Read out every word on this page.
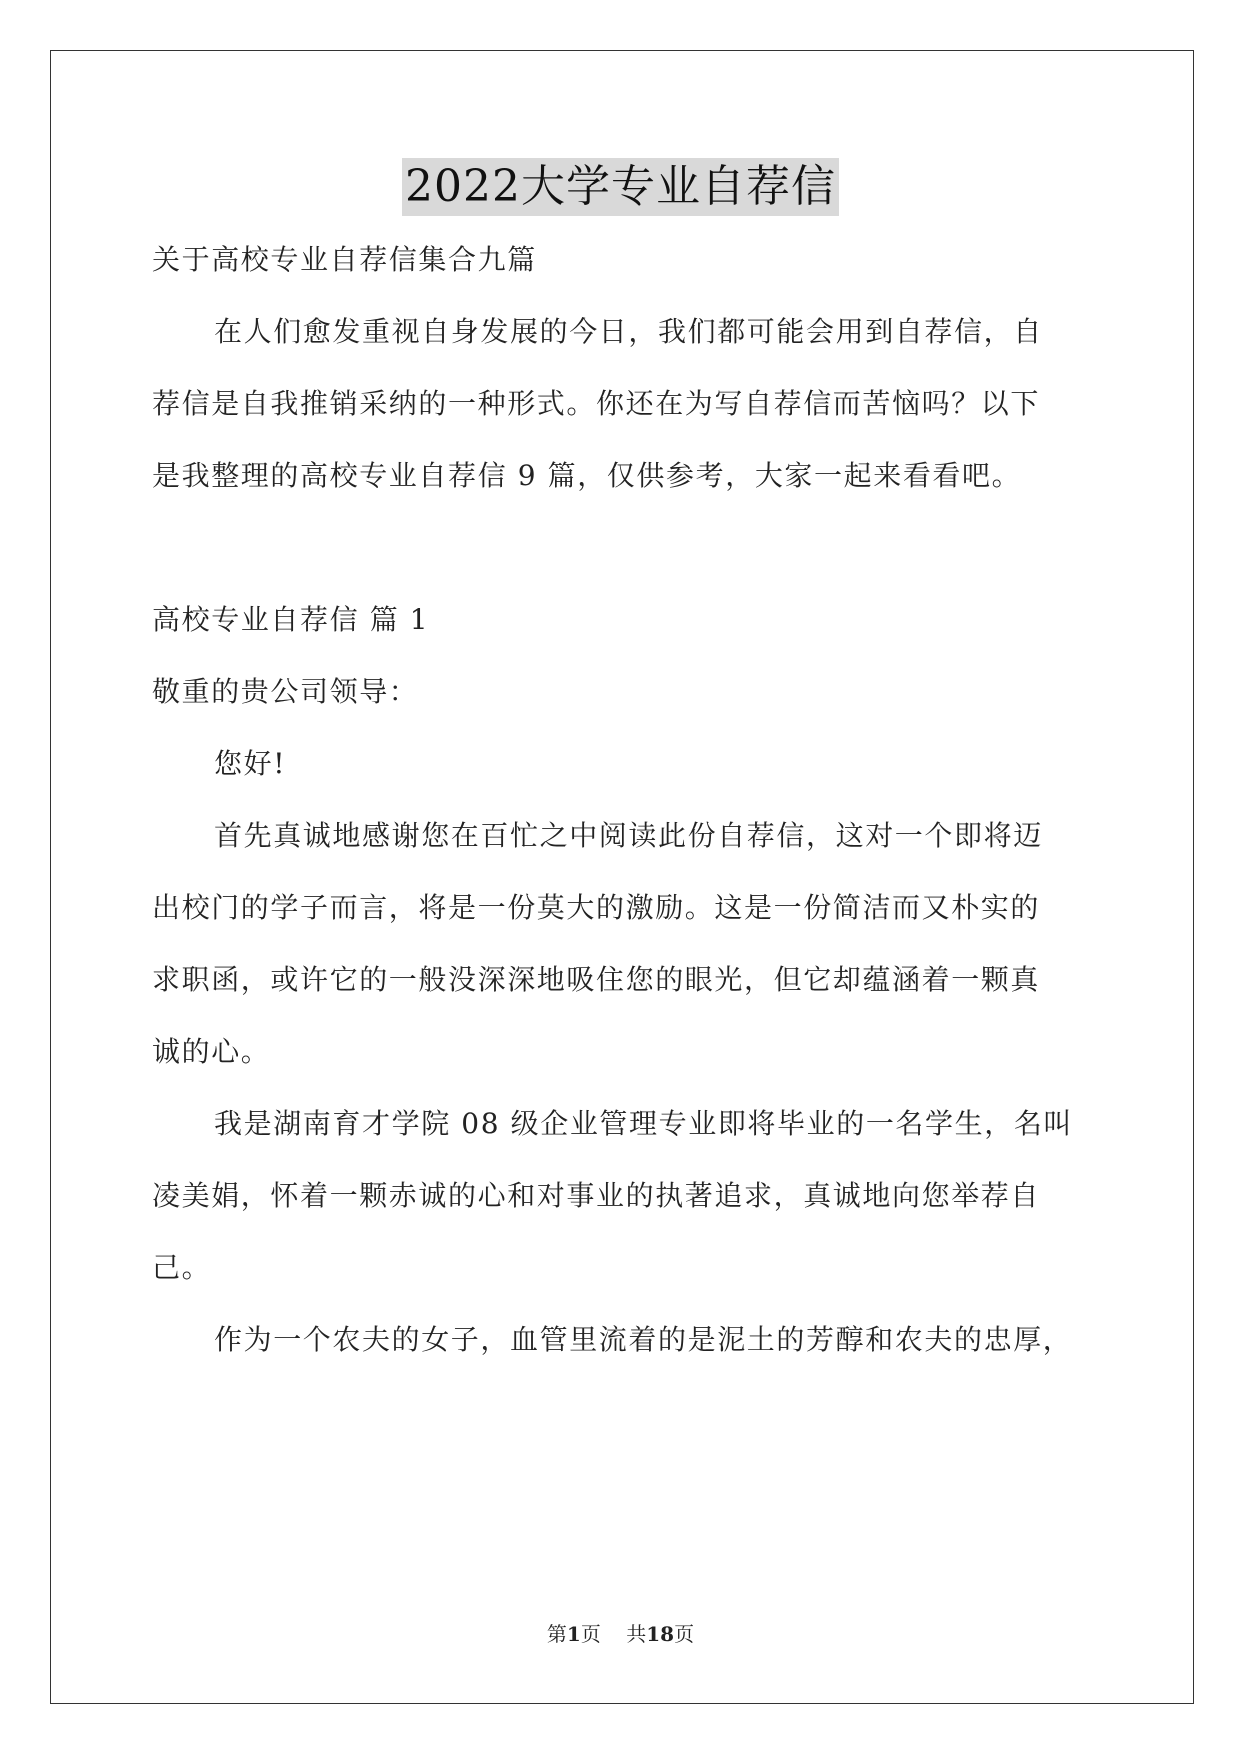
2022大学专业自荐信
关于高校专业自荐信集合九篇
在人们愈发重视自身发展的今日，我们都可能会用到自荐信，自
荐信是自我推销采纳的一种形式。你还在为写自荐信而苦恼吗？以下
是我整理的高校专业自荐信 9 篇，仅供参考，大家一起来看看吧。
高校专业自荐信 篇 1
敬重的贵公司领导：
您好!
首先真诚地感谢您在百忙之中阅读此份自荐信，这对一个即将迈
出校门的学子而言，将是一份莫大的激励。这是一份简洁而又朴实的
求职函，或许它的一般没深深地吸住您的眼光，但它却蕴涵着一颗真
诚的心。
我是湖南育才学院 08 级企业管理专业即将毕业的一名学生，名叫
凌美娟，怀着一颗赤诚的心和对事业的执著追求，真诚地向您举荐自
己。
作为一个农夫的女子，血管里流着的是泥土的芳醇和农夫的忠厚，
第1页 共18页
